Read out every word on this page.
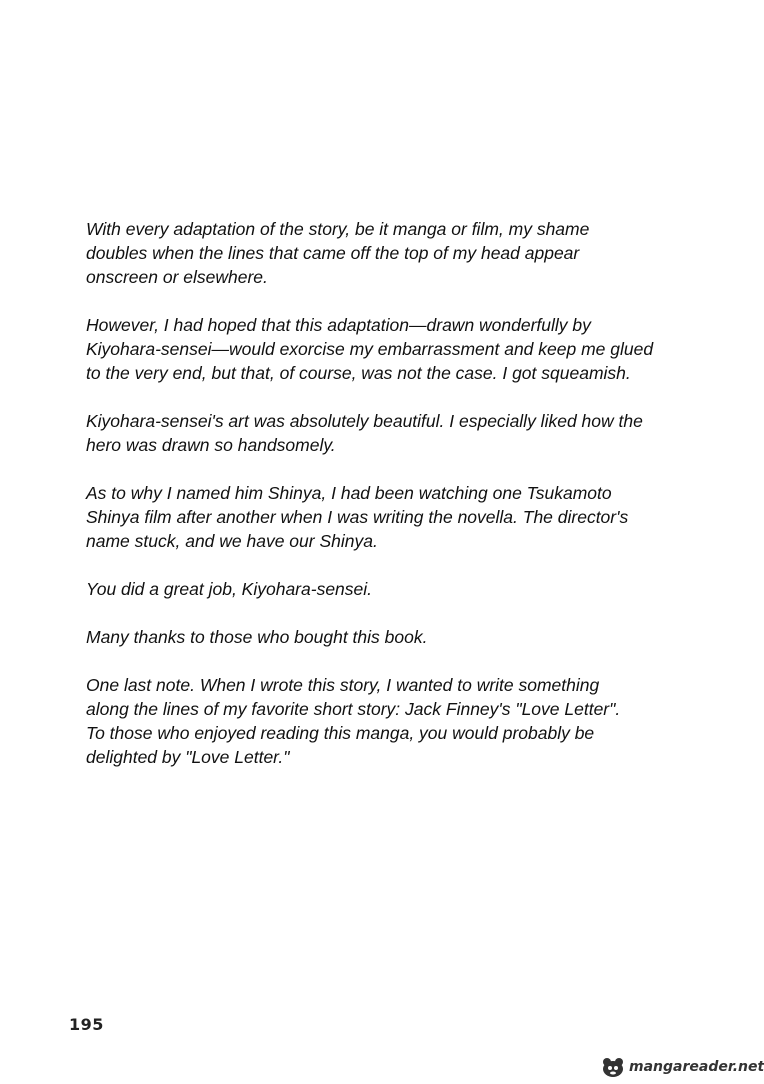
With every adaptation of the story, be it manga or film, my shame
doubles when the lines that came off the top of my head appear
onscreen or elsewhere.

However, I had hoped that this adaptation—drawn wonderfully by
Kiyohara-sensei—would exorcise my embarrassment and keep me glued
to the very end, but that, of course, was not the case. I got squeamish.

Kiyohara-sensei's art was absolutely beautiful. I especially liked how the
hero was drawn so handsomely.

As to why I named him Shinya, I had been watching one Tsukamoto
Shinya film after another when I was writing the novella. The director's
name stuck, and we have our Shinya.

You did a great job, Kiyohara-sensei.

Many thanks to those who bought this book.

One last note. When I wrote this story, I wanted to write something
along the lines of my favorite short story: Jack Finney's "Love Letter".
To those who enjoyed reading this manga, you would probably be
delighted by "Love Letter."

195
mangareader.net
